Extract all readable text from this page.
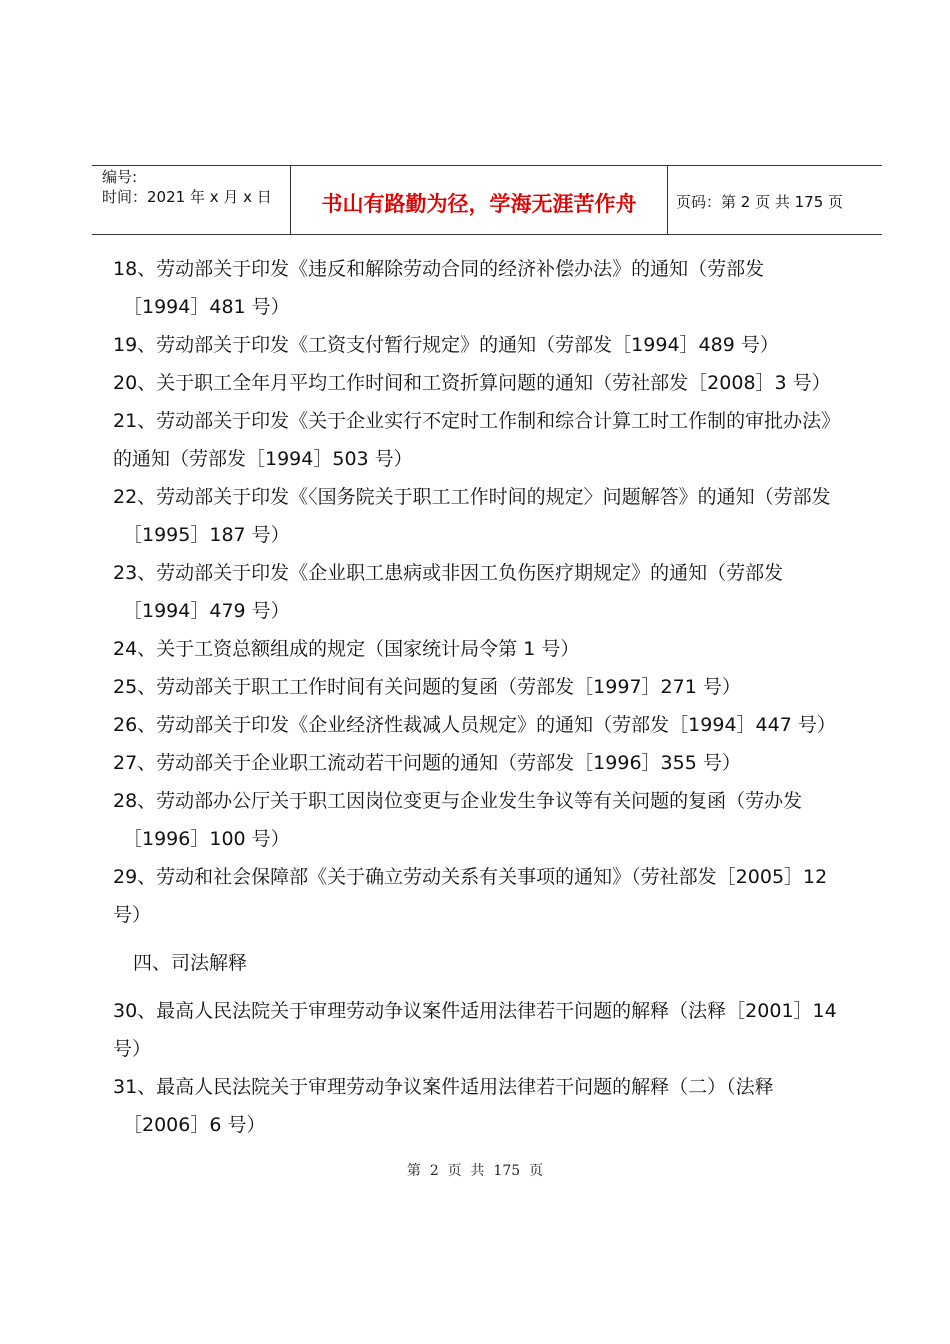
编号:
时间：2021 年 x 月 x 日	书山有路勤为径，学海无涯苦作舟	页码：第 2 页 共 175 页
18、劳动部关于印发《违反和解除劳动合同的经济补偿办法》的通知（劳部发
［1994］481 号）
19、劳动部关于印发《工资支付暂行规定》的通知（劳部发［1994］489 号）
20、关于职工全年月平均工作时间和工资折算问题的通知（劳社部发［2008］3 号）
21、劳动部关于印发《关于企业实行不定时工作制和综合计算工时工作制的审批办法》
的通知（劳部发［1994］503 号）
22、劳动部关于印发《〈国务院关于职工工作时间的规定〉问题解答》的通知（劳部发
［1995］187 号）
23、劳动部关于印发《企业职工患病或非因工负伤医疗期规定》的通知（劳部发
［1994］479 号）
24、关于工资总额组成的规定（国家统计局令第 1 号）
25、劳动部关于职工工作时间有关问题的复函（劳部发［1997］271 号）
26、劳动部关于印发《企业经济性裁减人员规定》的通知（劳部发［1994］447 号）
27、劳动部关于企业职工流动若干问题的通知（劳部发［1996］355 号）
28、劳动部办公厅关于职工因岗位变更与企业发生争议等有关问题的复函（劳办发
［1996］100 号）
29、劳动和社会保障部《关于确立劳动关系有关事项的通知》（劳社部发［2005］12
号）
四、司法解释
30、最高人民法院关于审理劳动争议案件适用法律若干问题的解释（法释［2001］14
号）
31、最高人民法院关于审理劳动争议案件适用法律若干问题的解释（二）（法释
［2006］6 号）
第  2  页  共  175  页
